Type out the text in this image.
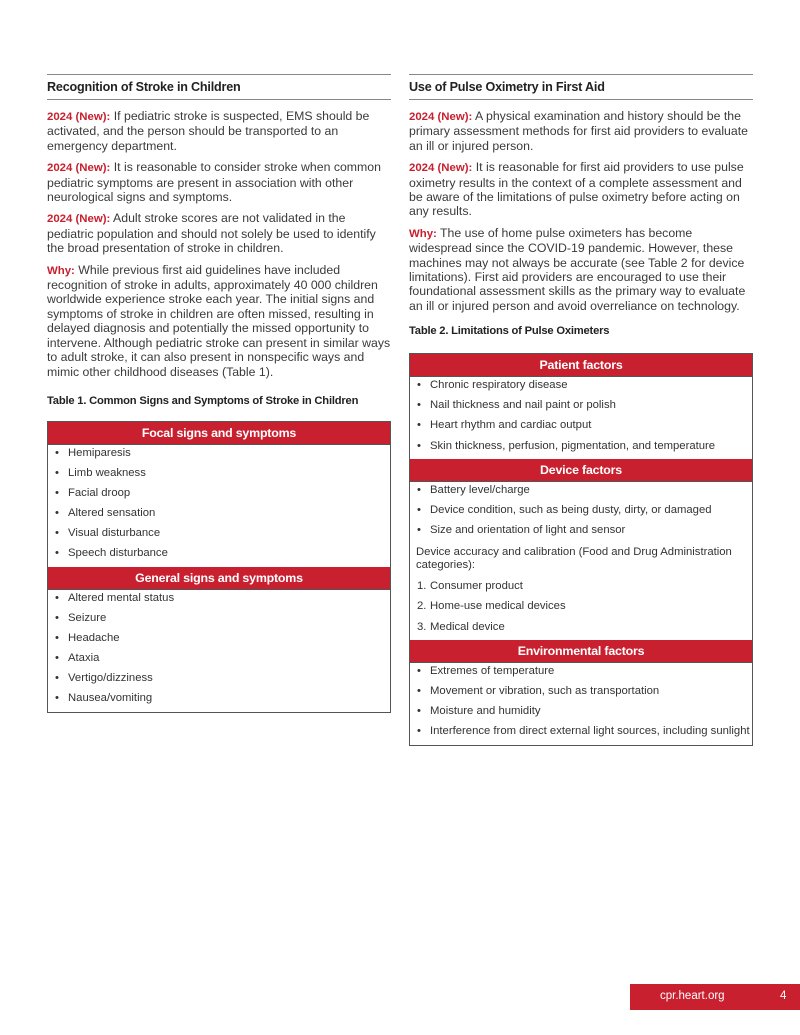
Recognition of Stroke in Children

2024 (New): If pediatric stroke is suspected, EMS should be activated, and the person should be transported to an emergency department.

2024 (New): It is reasonable to consider stroke when common pediatric symptoms are present in association with other neurological signs and symptoms.

2024 (New): Adult stroke scores are not validated in the pediatric population and should not solely be used to identify the broad presentation of stroke in children.

Why: While previous first aid guidelines have included recognition of stroke in adults, approximately 40 000 children worldwide experience stroke each year. The initial signs and symptoms of stroke in children are often missed, resulting in delayed diagnosis and potentially the missed opportunity to intervene. Although pediatric stroke can present in similar ways to adult stroke, it can also present in nonspecific ways and mimic other childhood diseases (Table 1).

Table 1. Common Signs and Symptoms of Stroke in Children
Focal signs and symptoms
• Hemiparesis
• Limb weakness
• Facial droop
• Altered sensation
• Visual disturbance
• Speech disturbance
General signs and symptoms
• Altered mental status
• Seizure
• Headache
• Ataxia
• Vertigo/dizziness
• Nausea/vomiting
Use of Pulse Oximetry in First Aid

2024 (New): A physical examination and history should be the primary assessment methods for first aid providers to evaluate an ill or injured person.

2024 (New): It is reasonable for first aid providers to use pulse oximetry results in the context of a complete assessment and be aware of the limitations of pulse oximetry before acting on any results.

Why: The use of home pulse oximeters has become widespread since the COVID-19 pandemic. However, these machines may not always be accurate (see Table 2 for device limitations). First aid providers are encouraged to use their foundational assessment skills as the primary way to evaluate an ill or injured person and avoid overreliance on technology.

Table 2. Limitations of Pulse Oximeters
Patient factors
• Chronic respiratory disease
• Nail thickness and nail paint or polish
• Heart rhythm and cardiac output
• Skin thickness, perfusion, pigmentation, and temperature
Device factors
• Battery level/charge
• Device condition, such as being dusty, dirty, or damaged
• Size and orientation of light and sensor
Device accuracy and calibration (Food and Drug Administration categories):
1. Consumer product
2. Home-use medical devices
3. Medical device
Environmental factors
• Extremes of temperature
• Movement or vibration, such as transportation
• Moisture and humidity
• Interference from direct external light sources, including sunlight
cpr.heart.org	4
